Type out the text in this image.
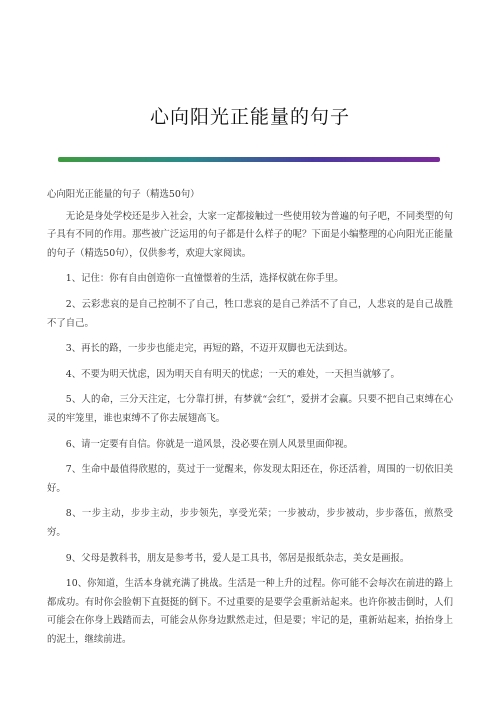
心向阳光正能量的句子

心向阳光正能量的句子（精选50句）

无论是身处学校还是步入社会，大家一定都接触过一些使用较为普遍的句子吧，不同类型的句子具有不同的作用。那些被广泛运用的句子都是什么样子的呢？下面是小编整理的心向阳光正能量的句子（精选50句），仅供参考，欢迎大家阅读。

1、记住：你有自由创造你一直憧憬着的生活，选择权就在你手里。

2、云彩悲哀的是自己控制不了自己，牲口悲哀的是自己养活不了自己，人悲哀的是自己战胜不了自己。

3、再长的路，一步步也能走完，再短的路，不迈开双脚也无法到达。

4、不要为明天忧虑，因为明天自有明天的忧虑；一天的难处，一天担当就够了。

5、人的命，三分天注定，七分靠打拼，有梦就“会红”，爱拼才会赢。只要不把自己束缚在心灵的牢笼里，谁也束缚不了你去展翅高飞。

6、请一定要有自信。你就是一道风景，没必要在别人风景里面仰视。

7、生命中最值得欣慰的，莫过于一觉醒来，你发现太阳还在，你还活着，周围的一切依旧美好。

8、一步主动，步步主动，步步领先，享受光荣；一步被动，步步被动，步步落伍，煎熬受穷。

9、父母是教科书，朋友是参考书，爱人是工具书，邻居是报纸杂志，美女是画报。

10、你知道，生活本身就充满了挑战。生活是一种上升的过程。你可能不会每次在前进的路上都成功。有时你会脸朝下直挺挺的倒下。不过重要的是要学会重新站起来。也许你被击倒时，人们可能会在你身上践踏而去，可能会从你身边默然走过，但是要；牢记的是，重新站起来，抬抬身上的泥土，继续前进。
